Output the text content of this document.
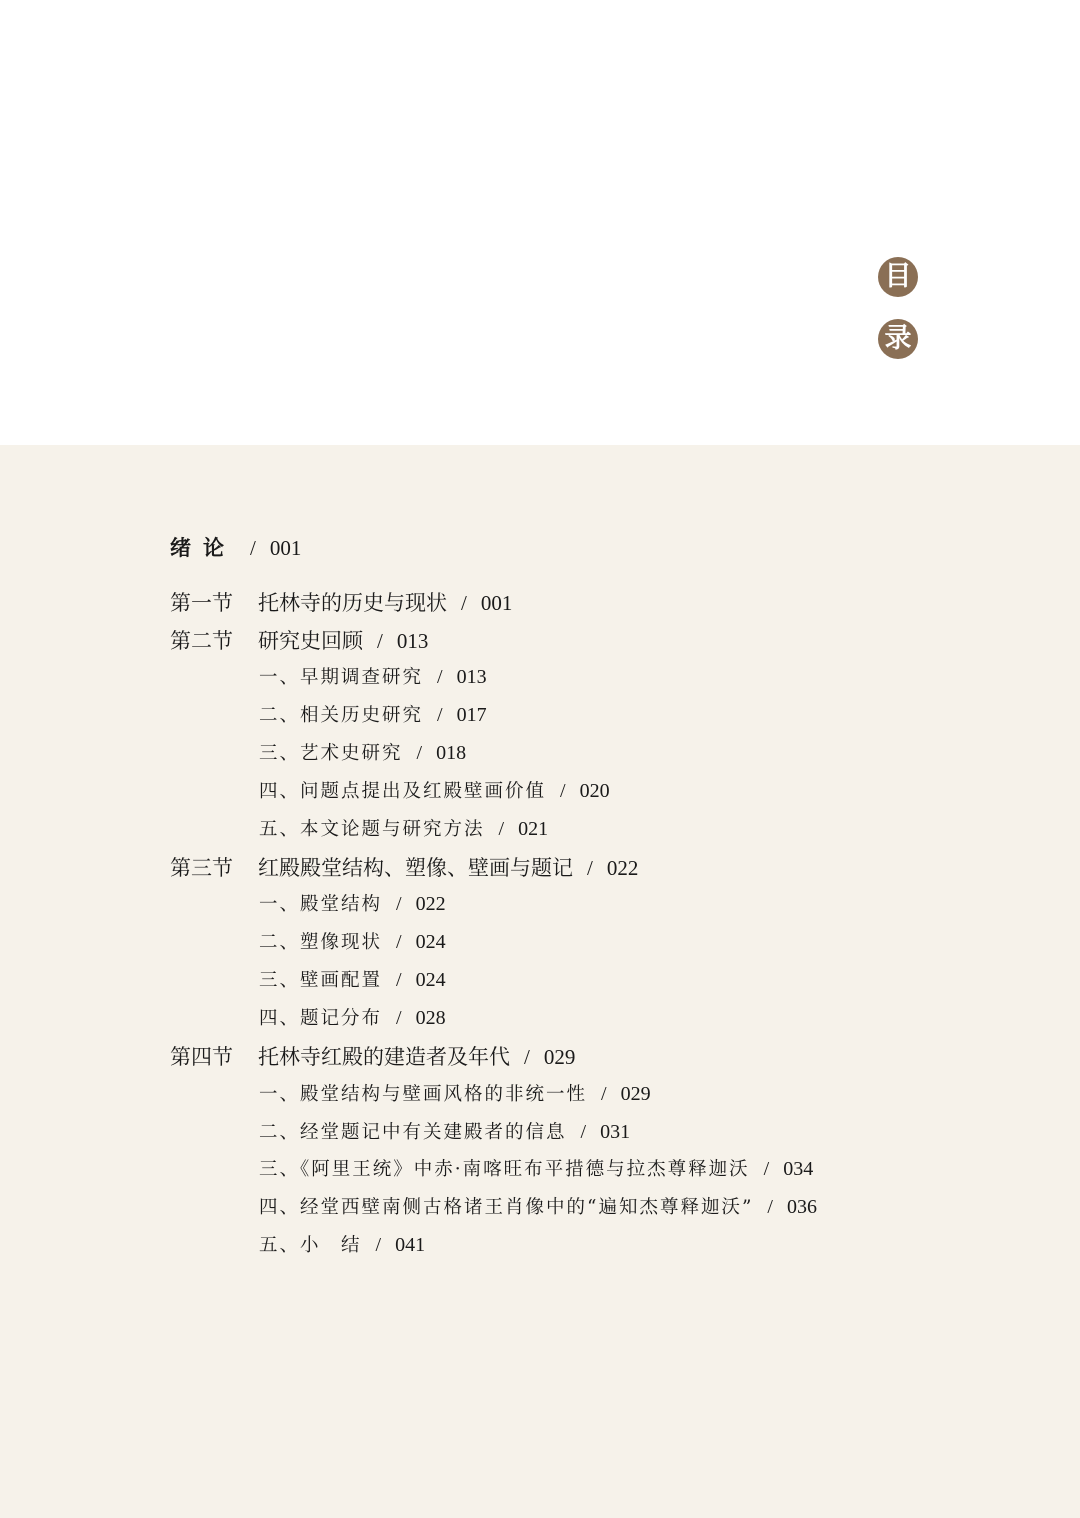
目
录
绪论 / 001
第一节 托林寺的历史与现状 / 001
第二节 研究史回顾 / 013
一、早期调查研究 / 013
二、相关历史研究 / 017
三、艺术史研究 / 018
四、问题点提出及红殿壁画价值 / 020
五、本文论题与研究方法 / 021
第三节 红殿殿堂结构、塑像、壁画与题记 / 022
一、殿堂结构 / 022
二、塑像现状 / 024
三、壁画配置 / 024
四、题记分布 / 028
第四节 托林寺红殿的建造者及年代 / 029
一、殿堂结构与壁画风格的非统一性 / 029
二、经堂题记中有关建殿者的信息 / 031
三、《阿里王统》中赤·南喀旺布平措德与拉杰尊释迦沃 / 034
四、经堂西壁南侧古格诸王肖像中的“遍知杰尊释迦沃” / 036
五、小　结 / 041
